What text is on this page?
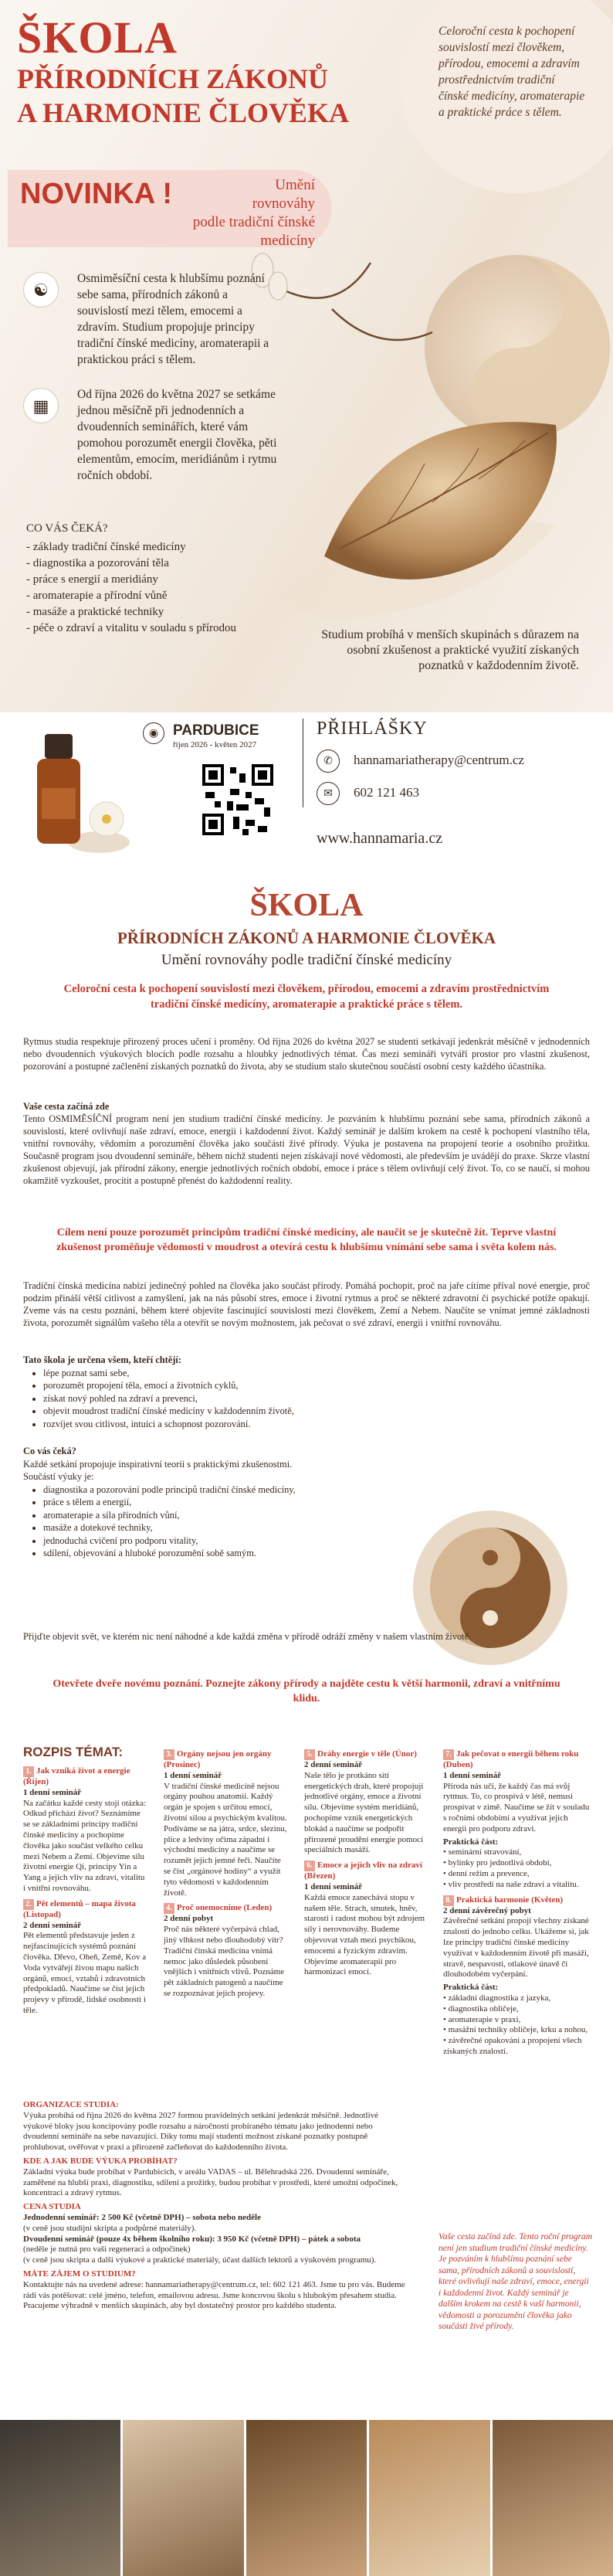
ŠKOLA
PŘÍRODNÍCH ZÁKONŮ
A HARMONIE ČLOVĚKA
Celoroční cesta k pochopení souvislostí mezi člověkem, přírodou, emocemi a zdravím prostřednictvím tradiční čínské medicíny, aromaterapie a praktické práce s tělem.
NOVINKA !	Umění
rovnováhy
podle tradiční čínské medicíny
☯
Osmiměsíční cesta k hlubšímu poznání sebe sama, přírodních zákonů a souvislostí mezi tělem, emocemi a zdravím. Studium propojuje principy tradiční čínské medicíny, aromaterapii a praktickou práci s tělem.
▦
Od října 2026 do května 2027 se setkáme jednou měsíčně při jednodenních a dvoudenních seminářích, které vám pomohou porozumět energii člověka, pěti elementům, emocím, meridiánům i rytmu ročních období.
CO VÁS ČEKÁ?
- základy tradiční čínské medicíny
- diagnostika a pozorování těla
- práce s energií a meridiány
- aromaterapie a přírodní vůně
- masáže a praktické techniky
- péče o zdraví a vitalitu v souladu s přírodou	Studium probíhá v menších skupinách s důrazem na osobní zkušenost a praktické využití získaných poznatků v každodenním životě.
◉ PARDUBICE
říjen 2026 - květen 2027
PŘIHLÁŠKY
✆	hannamariatherapy@centrum.cz
✉	602 121 463
www.hannamaria.cz
ŠKOLA
PŘÍRODNÍCH ZÁKONŮ A HARMONIE ČLOVĚKA
Umění rovnováhy podle tradiční čínské medicíny
Celoroční cesta k pochopení souvislostí mezi člověkem, přírodou, emocemi a zdravím prostřednictvím tradiční čínské medicíny, aromaterapie a praktické práce s tělem.
Rytmus studia respektuje přirozený proces učení i proměny. Od října 2026 do května 2027 se studenti setkávají jedenkrát měsíčně v jednodenních nebo dvoudenních výukových blocích podle rozsahu a hloubky jednotlivých témat. Čas mezi semináři vytváří prostor pro vlastní zkušenost, pozorování a postupné začlenění získaných poznatků do života, aby se studium stalo skutečnou součástí osobní cesty každého účastníka.
Vaše cesta začíná zde
Tento OSMIMĚSÍČNÍ program není jen studium tradiční čínské medicíny. Je pozváním k hlubšímu poznání sebe sama, přírodních zákonů a souvislostí, které ovlivňují naše zdraví, emoce, energii i každodenní život. Každý seminář je dalším krokem na cestě k pochopení vlastního těla, vnitřní rovnováhy, vědomím a porozumění člověka jako součásti živé přírody. Výuka je postavena na propojení teorie a osobního prožitku. Současně program jsou dvoudenní semináře, během nichž studenti nejen získávají nové vědomosti, ale především je uvádějí do praxe. Skrze vlastní zkušenost objevují, jak přírodní zákony, energie jednotlivých ročních období, emoce i práce s tělem ovlivňují celý život. To, co se naučí, si mohou okamžitě vyzkoušet, procítit a postupně přenést do každodenní reality.
Cílem není pouze porozumět principům tradiční čínské medicíny, ale naučit se je skutečně žít. Teprve vlastní zkušenost proměňuje vědomosti v moudrost a otevírá cestu k hlubšímu vnímání sebe sama i světa kolem nás.
Tradiční čínská medicína nabízí jedinečný pohled na člověka jako součást přírody. Pomáhá pochopit, proč na jaře cítíme příval nové energie, proč podzim přináší větší citlivost a zamyšlení, jak na nás působí stres, emoce i životní rytmus a proč se některé zdravotní či psychické potíže opakují. Zveme vás na cestu poznání, během které objevíte fascinující souvislosti mezi člověkem, Zemí a Nebem. Naučíte se vnímat jemné základnosti života, porozumět signálům vašeho těla a otevřít se novým možnostem, jak pečovat o své zdraví, energii i vnitřní rovnováhu.
Tato škola je určena všem, kteří chtějí:
• lépe poznat sami sebe,
• porozumět propojení těla, emocí a životních cyklů,
• získat nový pohled na zdraví a prevenci,
• objevit moudrost tradiční čínské medicíny v každodenním životě,
• rozvíjet svou citlivost, intuici a schopnost pozorování.
Co vás čeká?
Každé setkání propojuje inspirativní teorii s praktickými zkušenostmi.
Součástí výuky je:
• diagnostika a pozorování podle principů tradiční čínské medicíny,
• práce s tělem a energií,
• aromaterapie a síla přírodních vůní,
• masáže a dotekové techniky,
• jednoduchá cvičení pro podporu vitality,
• sdílení, objevování a hluboké porozumění sobě samým.
Přijďte objevit svět, ve kterém nic není náhodné a kde každá změna v přírodě odráží změny v našem vlastním životě.
Otevřete dveře novému poznání. Poznejte zákony přírody a najděte cestu k větší harmonii, zdraví a vnitřnímu klidu.
ROZPIS TÉMAT:
1. Jak vzniká život a energie (Řijen)
1 denní seminář
Na začátku každé cesty stojí otázka: Odkud přichází život? Seznámíme se se základními principy tradiční čínské medicíny a pochopíme člověka jako součást velkého celku mezi Nebem a Zemí. Objevíme sílu životní energie Qi, principy Yin a Yang a jejich vliv na zdraví, vitalitu i vnitřní rovnováhu.
2. Pět elementů – mapa života (Listopad)
2 denní seminář
Pět elementů představuje jeden z nejfascinujících systémů poznání člověka. Dřevo, Oheň, Země, Kov a Voda vytvářejí živou mapu našich orgánů, emocí, vztahů i zdravotních předpokladů. Naučíme se číst jejich projevy v přírodě, lidské osobnosti i těle.
3. Orgány nejsou jen orgány (Prosinec)
1 denní seminář
V tradiční čínské medicíně nejsou orgány pouhou anatomií. Každý orgán je spojen s určitou emocí, životní silou a psychickým kvalitou. Podíváme se na játra, srdce, slezinu, plíce a ledviny očima západní i východní medicíny a naučíme se rozumět jejich jemné řeči. Naučíte se číst „orgánové hodiny“ a využít tyto vědomosti v každodenním životě.
4. Proč onemocníme (Leden)
2 denní pobyt
Proč nás některé vyčerpává chlad, jiný vlhkost nebo dlouhodobý vítr? Tradiční čínská medicína vnímá nemoc jako důsledek působení vnějších i vnitřních vlivů. Poznáme pět základních patogenů a naučíme se rozpoznávat jejich projevy.
5. Dráhy energie v těle (Únor)
2 denní seminář
Naše tělo je protkáno sítí energetických drah, které propojují jednotlivé orgány, emoce a životní sílu. Objevíme systém meridiánů, pochopíme vznik energetických blokád a naučíme se podpořit přirozené proudění energie pomocí speciálních masáží.
6. Emoce a jejich vliv na zdraví (Březen)
1 denní seminář
Každá emoce zanechává stopu v našem těle. Strach, smutek, hněv, starosti i radost mohou být zdrojem síly i nerovnováhy. Budeme objevovat vztah mezi psychikou, emocemi a fyzickým zdravím. Objevíme aromaterapii pro harmonizaci emocí.
7. Jak pečovat o energii během roku (Duben)
1 denní seminář
Příroda nás učí, že každý čas má svůj rytmus. To, co prospívá v létě, nemusí prospívat v zimě. Naučíme se žít v souladu s ročními obdobími a využívat jejich energii pro podporu zdraví.
Praktická část:
• seminární stravování,
• bylinky pro jednotlivá období,
• denní režim a prevence,
• vliv prostředí na naše zdraví a vitalitu.
8. Praktická harmonie (Květen)
2 denní závěrečný pobyt
Závěrečné setkání propojí všechny získané znalosti do jednoho celku. Ukážeme si, jak lze principy tradiční čínské medicíny využívat v každodenním životě při masáži, stravě, nespavosti, otlakové únavě či dlouhodobém vyčerpání.
Praktická část:
• základní diagnostika z jazyka,
• diagnostika obličeje,
• aromaterapie v praxi,
• masážní techniky obličeje, krku a nohou,
• závěrečné opakování a propojení všech získaných znalostí.
ORGANIZACE STUDIA:
Výuka probíhá od října 2026 do května 2027 formou pravidelných setkání jedenkrát měsíčně. Jednotlivé výukové bloky jsou koncipovány podle rozsahu a náročnosti probíraného tématu jako jednodenní nebo dvoudenní semináře na sebe navazující. Díky tomu mají studenti možnost získané poznatky postupně prohlubovat, ověřovat v praxi a přirozeně začleňovat do každodenního života.
KDE A JAK BUDE VÝUKA PROBÍHAT?
Základní výuka bude probíhat v Pardubicích, v areálu VADAS – ul. Bělehradská 226. Dvoudenní semináře, zaměřené na hlubší praxi, diagnostiku, sdílení a prožitky, budou probíhat v prostředí, které umožní odpočinek, koncentraci a zdravý rytmus.
CENA STUDIA
Jednodenní seminář: 2 500 Kč (včetně DPH) – sobota nebo neděle
(v ceně jsou studijní skripta a podpůrné materiály).
Dvoudenní seminář (pouze 4x během školního roku): 3 950 Kč (včetně DPH) – pátek a sobota
(neděle je nutná pro vaši regeneraci a odpočinek)
(v ceně jsou skripta a další výukové a praktické materiály, účast dalších lektorů a výukovém programu).
MÁTE ZÁJEM O STUDIUM?
Kontaktujte nás na uvedené adrese: hannamariatherapy@centrum.cz, tel: 602 121 463. Jsme tu pro vás. Budeme rádi vás potěšovat: celé jméno, telefon, emailovou adresu. Jsme koncovou školu s hlubokým přesahem studia. Pracujeme výhradně v menších skupinách, aby byl dostatečný prostor pro každého studenta.
Vaše cesta začíná zde. Tento roční program není jen studium tradiční čínské medicíny. Je pozváním k hlubšímu poznání sebe sama, přírodních zákonů a souvislostí, které ovlivňují naše zdraví, emoce, energii i každodenní život. Každý seminář je dalším krokem na cestě k vaší harmonii, vědomosti a porozumění člověka jako součásti živé přírody.
